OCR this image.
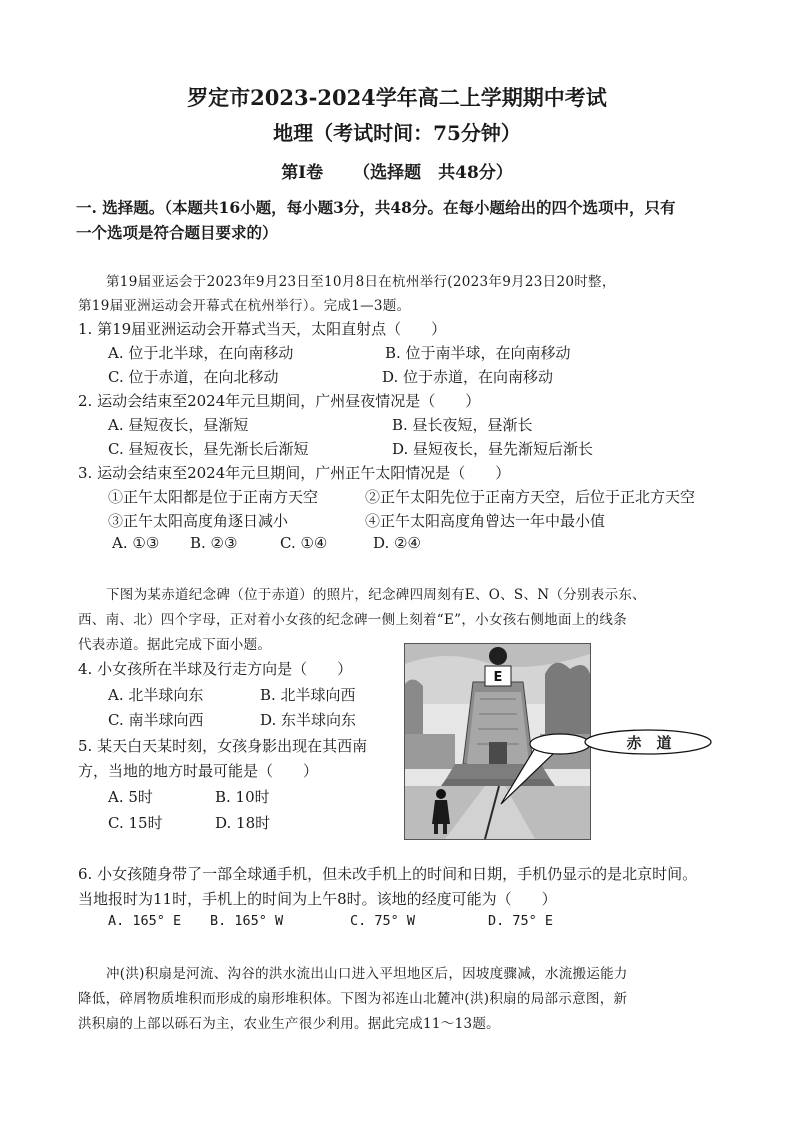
罗定市2023-2024学年高二上学期期中考试
地理（考试时间：75分钟）
第Ⅰ卷 （选择题　共48分）
一. 选择题。（本题共16小题，每小题3分，共48分。在每小题给出的四个选项中，只有
一个选项是符合题目要求的）
第19届亚运会于2023年9月23日至10月8日在杭州举行(2023年9月23日20时整，
第19届亚洲运动会开幕式在杭州举行）。完成1—3题。
1. 第19届亚洲运动会开幕式当天，太阳直射点（　　）
A. 位于北半球，在向南移动	B. 位于南半球，在向南移动
C. 位于赤道，在向北移动	D. 位于赤道，在向南移动
2. 运动会结束至2024年元旦期间，广州昼夜情况是（　　）
A. 昼短夜长，昼渐短	B. 昼长夜短，昼渐长
C. 昼短夜长，昼先渐长后渐短	D. 昼短夜长，昼先渐短后渐长
3. 运动会结束至2024年元旦期间，广州正午太阳情况是（　　）
①正午太阳都是位于正南方天空	②正午太阳先位于正南方天空，后位于正北方天空
③正午太阳高度角逐日减小	④正午太阳高度角曾达一年中最小值
A. ①③ B. ②③	C. ①④	D. ②④
下图为某赤道纪念碑（位于赤道）的照片，纪念碑四周刻有E、O、S、N（分别表示东、
西、南、北）四个字母，正对着小女孩的纪念碑一侧上刻着“E”，小女孩右侧地面上的线条
代表赤道。据此完成下面小题。
4. 小女孩所在半球及行走方向是（　　）
A. 北半球向东	B. 北半球向西
C. 南半球向西	D. 东半球向东
5. 某天白天某时刻，女孩身影出现在其西南
方，当地的地方时最可能是（　　）
A. 5时	B. 10时
C. 15时	D. 18时
E
赤　道
6. 小女孩随身带了一部全球通手机，但未改手机上的时间和日期，手机仍显示的是北京时间。
当地报时为11时，手机上的时间为上午8时。该地的经度可能为（　　）
A. 165° E B. 165° W	C. 75° W	D. 75° E
冲(洪)积扇是河流、沟谷的洪水流出山口进入平坦地区后，因坡度骤减，水流搬运能力
降低，碎屑物质堆积而形成的扇形堆积体。下图为祁连山北麓冲(洪)积扇的局部示意图，新
洪积扇的上部以砾石为主，农业生产很少利用。据此完成11～13题。
